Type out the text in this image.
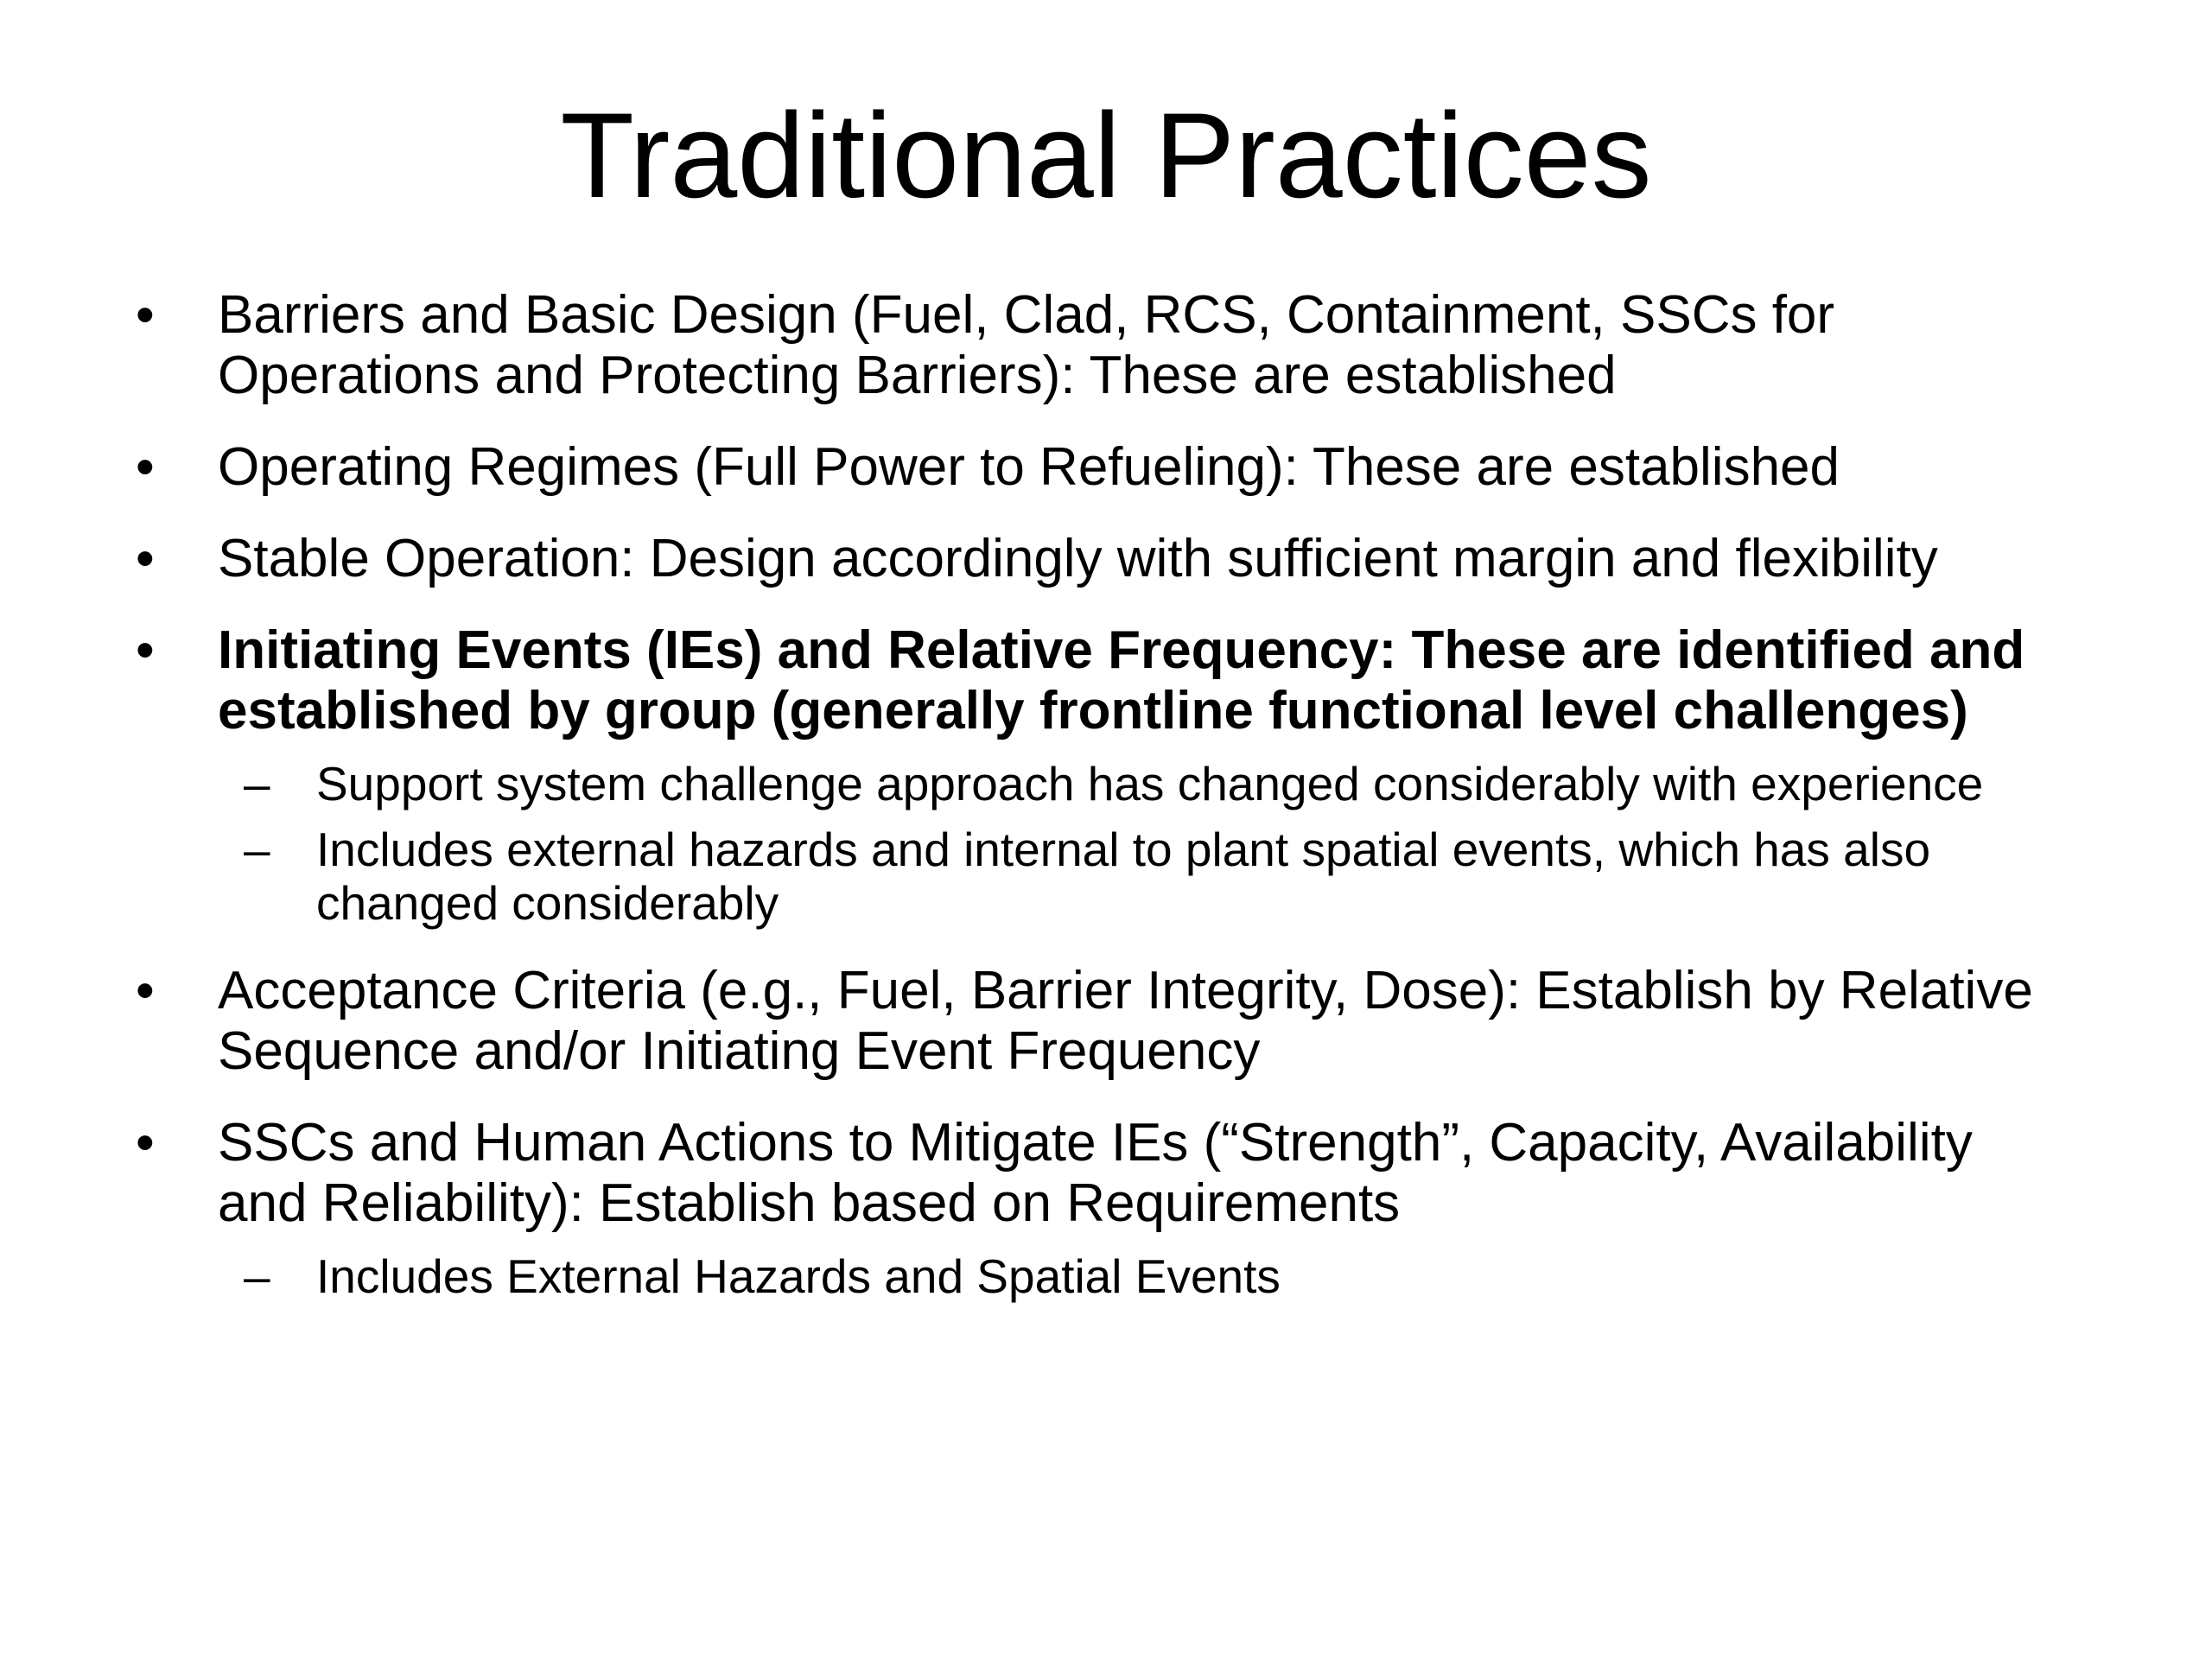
Traditional Practices
• Barriers and Basic Design (Fuel, Clad, RCS, Containment, SSCs for Operations and Protecting Barriers): These are established
• Operating Regimes (Full Power to Refueling): These are established
• Stable Operation: Design accordingly with sufficient margin and flexibility
• Initiating Events (IEs) and Relative Frequency: These are identified and established by group (generally frontline functional level challenges)
– Support system challenge approach has changed considerably with experience
– Includes external hazards and internal to plant spatial events, which has also changed considerably
• Acceptance Criteria (e.g., Fuel, Barrier Integrity, Dose): Establish by Relative Sequence and/or Initiating Event Frequency
• SSCs and Human Actions to Mitigate IEs (“Strength”, Capacity, Availability and Reliability): Establish based on Requirements
– Includes External Hazards and Spatial Events
